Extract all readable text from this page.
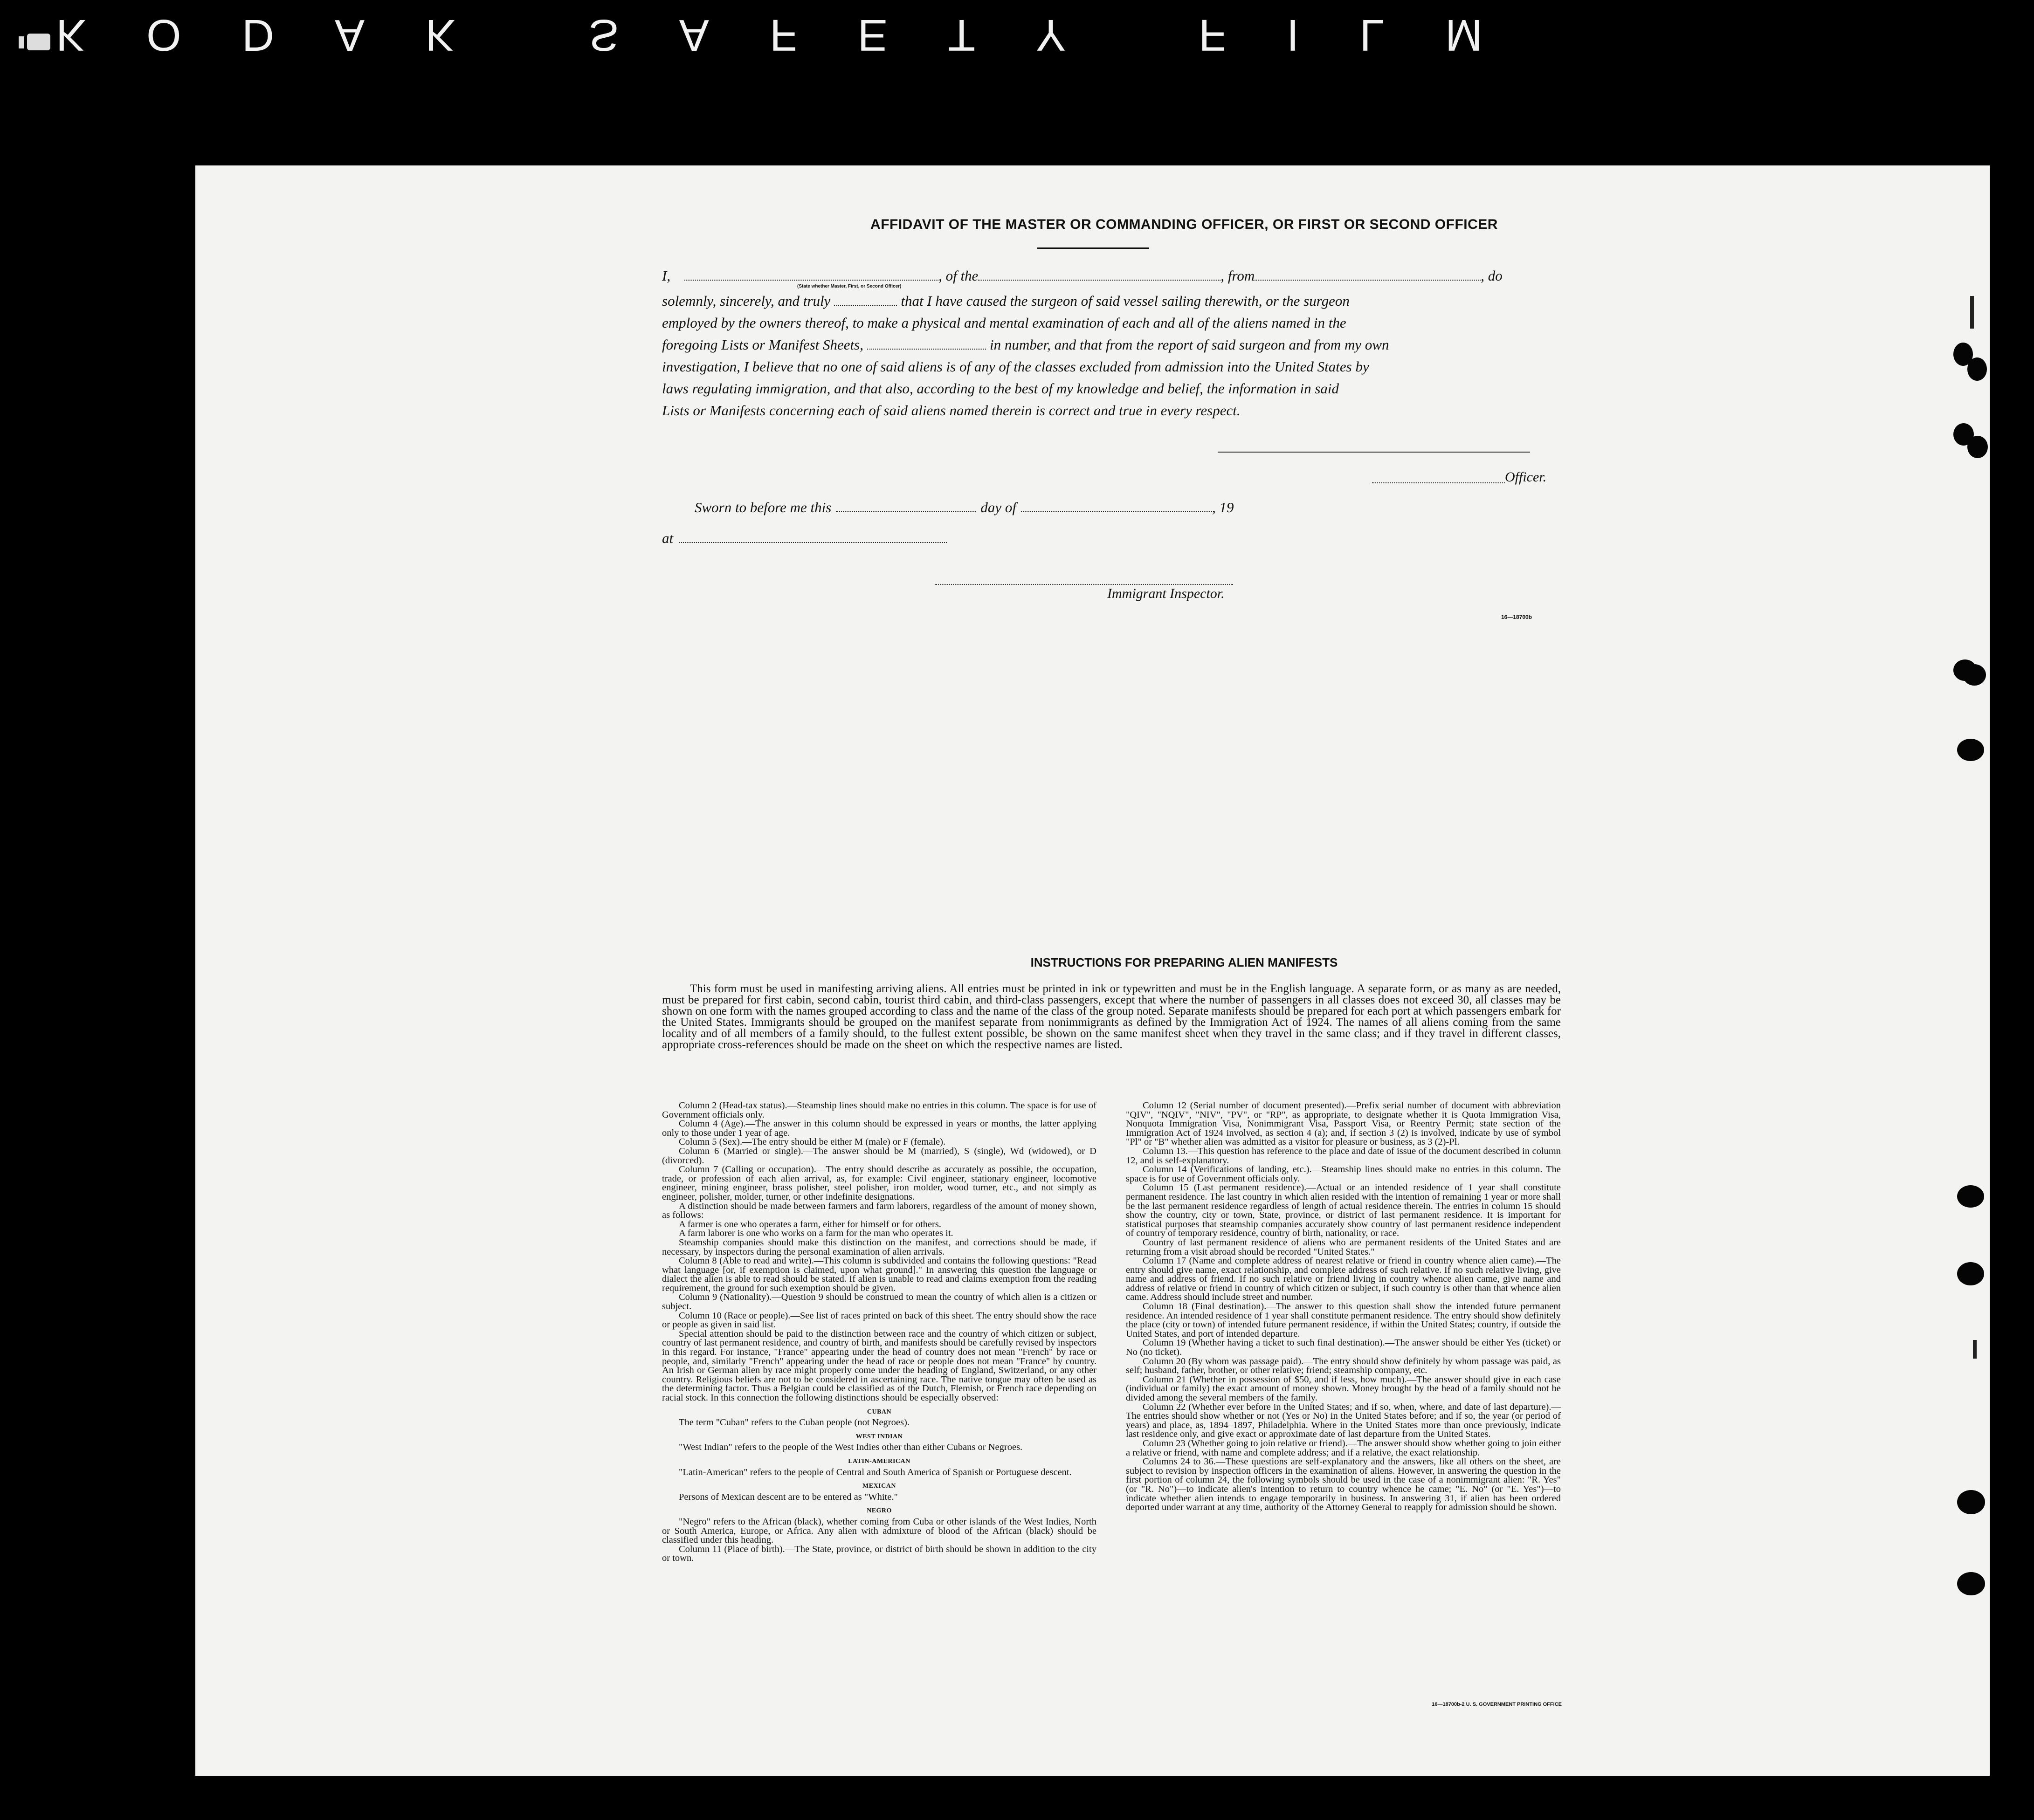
KODAK SAFETY FILM
AFFIDAVIT OF THE MASTER OR COMMANDING OFFICER, OR FIRST OR SECOND OFFICER
I,	, of the	, from	, do
(State whether Master, First, or Second Officer)
solemnly, sincerely, and truly	that I have caused the surgeon of said vessel sailing therewith, or the surgeon
employed by the owners thereof, to make a physical and mental examination of each and all of the aliens named in the
foregoing Lists or Manifest Sheets,	in number, and that from the report of said surgeon and from my own
investigation, I believe that no one of said aliens is of any of the classes excluded from admission into the United States by
laws regulating immigration, and that also, according to the best of my knowledge and belief, the information in said
Lists or Manifests concerning each of said aliens named therein is correct and true in every respect.
Officer.
Sworn to before me this	day of	, 19
at
Immigrant Inspector.
16—18700b
INSTRUCTIONS FOR PREPARING ALIEN MANIFESTS
This form must be used in manifesting arriving aliens. All entries must be printed in ink or typewritten and must be in the English language. A separate form, or as many as are needed, must be prepared for first cabin, second cabin, tourist third cabin, and third-class passengers, except that where the number of passengers in all classes does not exceed 30, all classes may be shown on one form with the names grouped according to class and the name of the class of the group noted. Separate manifests should be prepared for each port at which passengers embark for the United States. Immigrants should be grouped on the manifest separate from nonimmigrants as defined by the Immigration Act of 1924. The names of all aliens coming from the same locality and of all members of a family should, to the fullest extent possible, be shown on the same manifest sheet when they travel in the same class; and if they travel in different classes, appropriate cross-references should be made on the sheet on which the respective names are listed.

Column 2 (Head-tax status).—Steamship lines should make no entries in this column. The space is for use of Government officials only.

Column 4 (Age).—The answer in this column should be expressed in years or months, the latter applying only to those under 1 year of age.

Column 5 (Sex).—The entry should be either M (male) or F (female).

Column 6 (Married or single).—The answer should be M (married), S (single), Wd (widowed), or D (divorced).

Column 7 (Calling or occupation).—The entry should describe as accurately as possible, the occupation, trade, or profession of each alien arrival, as, for example: Civil engineer, stationary engineer, locomotive engineer, mining engineer, brass polisher, steel polisher, iron molder, wood turner, etc., and not simply as engineer, polisher, molder, turner, or other indefinite designations.

A distinction should be made between farmers and farm laborers, regardless of the amount of money shown, as follows:

A farmer is one who operates a farm, either for himself or for others.

A farm laborer is one who works on a farm for the man who operates it.

Steamship companies should make this distinction on the manifest, and corrections should be made, if necessary, by inspectors during the personal examination of alien arrivals.

Column 8 (Able to read and write).—This column is subdivided and contains the following questions: "Read what language [or, if exemption is claimed, upon what ground]." In answering this question the language or dialect the alien is able to read should be stated. If alien is unable to read and claims exemption from the reading requirement, the ground for such exemption should be given.

Column 9 (Nationality).—Question 9 should be construed to mean the country of which alien is a citizen or subject.

Column 10 (Race or people).—See list of races printed on back of this sheet. The entry should show the race or people as given in said list.

Special attention should be paid to the distinction between race and the country of which citizen or subject, country of last permanent residence, and country of birth, and manifests should be carefully revised by inspectors in this regard. For instance, "France" appearing under the head of country does not mean "French" by race or people, and, similarly "French" appearing under the head of race or people does not mean "France" by country. An Irish or German alien by race might properly come under the heading of England, Switzerland, or any other country. Religious beliefs are not to be considered in ascertaining race. The native tongue may often be used as the determining factor. Thus a Belgian could be classified as of the Dutch, Flemish, or French race depending on racial stock. In this connection the following distinctions should be especially observed:

CUBAN

The term "Cuban" refers to the Cuban people (not Negroes).

WEST INDIAN

"West Indian" refers to the people of the West Indies other than either Cubans or Negroes.

LATIN-AMERICAN

"Latin-American" refers to the people of Central and South America of Spanish or Portuguese descent.

MEXICAN

Persons of Mexican descent are to be entered as "White."

NEGRO

"Negro" refers to the African (black), whether coming from Cuba or other islands of the West Indies, North or South America, Europe, or Africa. Any alien with admixture of blood of the African (black) should be classified under this heading.

Column 11 (Place of birth).—The State, province, or district of birth should be shown in addition to the city or town.

Column 12 (Serial number of document presented).—Prefix serial number of document with abbreviation "QIV", "NQIV", "NIV", "PV", or "RP", as appropriate, to designate whether it is Quota Immigration Visa, Nonquota Immigration Visa, Nonimmigrant Visa, Passport Visa, or Reentry Permit; state section of the Immigration Act of 1924 involved, as section 4 (a); and, if section 3 (2) is involved, indicate by use of symbol "Pl" or "B" whether alien was admitted as a visitor for pleasure or business, as 3 (2)-Pl.

Column 13.—This question has reference to the place and date of issue of the document described in column 12, and is self-explanatory.

Column 14 (Verifications of landing, etc.).—Steamship lines should make no entries in this column. The space is for use of Government officials only.

Column 15 (Last permanent residence).—Actual or an intended residence of 1 year shall constitute permanent residence. The last country in which alien resided with the intention of remaining 1 year or more shall be the last permanent residence regardless of length of actual residence therein. The entries in column 15 should show the country, city or town, State, province, or district of last permanent residence. It is important for statistical purposes that steamship companies accurately show country of last permanent residence independent of country of temporary residence, country of birth, nationality, or race.

Country of last permanent residence of aliens who are permanent residents of the United States and are returning from a visit abroad should be recorded "United States."

Column 17 (Name and complete address of nearest relative or friend in country whence alien came).—The entry should give name, exact relationship, and complete address of such relative. If no such relative living, give name and address of friend. If no such relative or friend living in country whence alien came, give name and address of relative or friend in country of which citizen or subject, if such country is other than that whence alien came. Address should include street and number.

Column 18 (Final destination).—The answer to this question shall show the intended future permanent residence. An intended residence of 1 year shall constitute permanent residence. The entry should show definitely the place (city or town) of intended future permanent residence, if within the United States; country, if outside the United States, and port of intended departure.

Column 19 (Whether having a ticket to such final destination).—The answer should be either Yes (ticket) or No (no ticket).

Column 20 (By whom was passage paid).—The entry should show definitely by whom passage was paid, as self; husband, father, brother, or other relative; friend; steamship company, etc.

Column 21 (Whether in possession of $50, and if less, how much).—The answer should give in each case (individual or family) the exact amount of money shown. Money brought by the head of a family should not be divided among the several members of the family.

Column 22 (Whether ever before in the United States; and if so, when, where, and date of last departure).—The entries should show whether or not (Yes or No) in the United States before; and if so, the year (or period of years) and place, as, 1894–1897, Philadelphia. Where in the United States more than once previously, indicate last residence only, and give exact or approximate date of last departure from the United States.

Column 23 (Whether going to join relative or friend).—The answer should show whether going to join either a relative or friend, with name and complete address; and if a relative, the exact relationship.

Columns 24 to 36.—These questions are self-explanatory and the answers, like all others on the sheet, are subject to revision by inspection officers in the examination of aliens. However, in answering the question in the first portion of column 24, the following symbols should be used in the case of a nonimmigrant alien: "R. Yes" (or "R. No")—to indicate alien's intention to return to country whence he came; "E. No" (or "E. Yes")—to indicate whether alien intends to engage temporarily in business. In answering 31, if alien has been ordered deported under warrant at any time, authority of the Attorney General to reapply for admission should be shown.

16—18700b-2 U. S. GOVERNMENT PRINTING OFFICE
